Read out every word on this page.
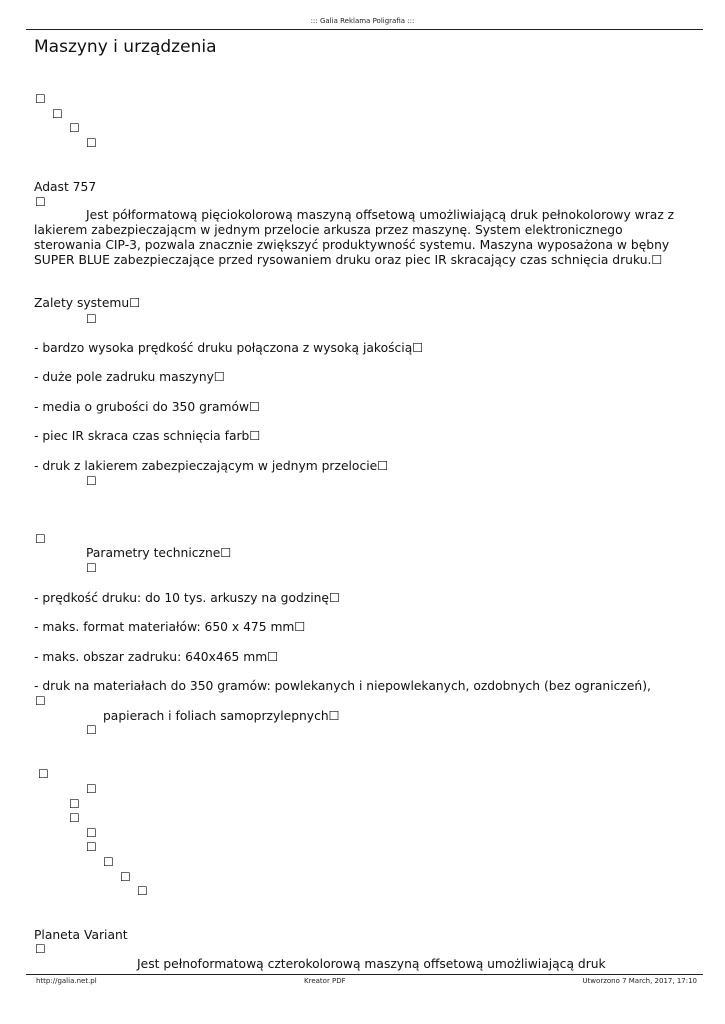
::: Galia Reklama Poligrafia :::
Maszyny i urządzenia
☐
☐
☐
☐
Adast 757
☐
Jest półformatową pięciokolorową maszyną offsetową umożliwiającą druk pełnokolorowy wraz z
lakierem zabezpieczającm w jednym przelocie arkusza przez maszynę. System elektronicznego
sterowania CIP-3, pozwala znacznie zwiększyć produktywność systemu. Maszyna wyposażona w bębny
SUPER BLUE zabezpieczające przed rysowaniem druku oraz piec IR skracający czas schnięcia druku.☐
Zalety systemu☐
☐
- bardzo wysoka prędkość druku połączona z wysoką jakością☐
- duże pole zadruku maszyny☐
- media o grubości do 350 gramów☐
- piec IR skraca czas schnięcia farb☐
- druk z lakierem zabezpieczającym w jednym przelocie☐
☐
☐
Parametry techniczne☐
☐
- prędkość druku: do 10 tys. arkuszy na godzinę☐
- maks. format materiałów: 650 x 475 mm☐
- maks. obszar zadruku: 640x465 mm☐
- druk na materiałach do 350 gramów: powlekanych i niepowlekanych, ozdobnych (bez ograniczeń),
☐
papierach i foliach samoprzylepnych☐
☐
☐
☐
☐
☐
☐
☐
☐
☐
☐
Planeta Variant
☐
Jest pełnoformatową czterokolorową maszyną offsetową umożliwiającą druk
http://galia.net.pl	Kreator PDF	Utworzono 7 March, 2017, 17:10
